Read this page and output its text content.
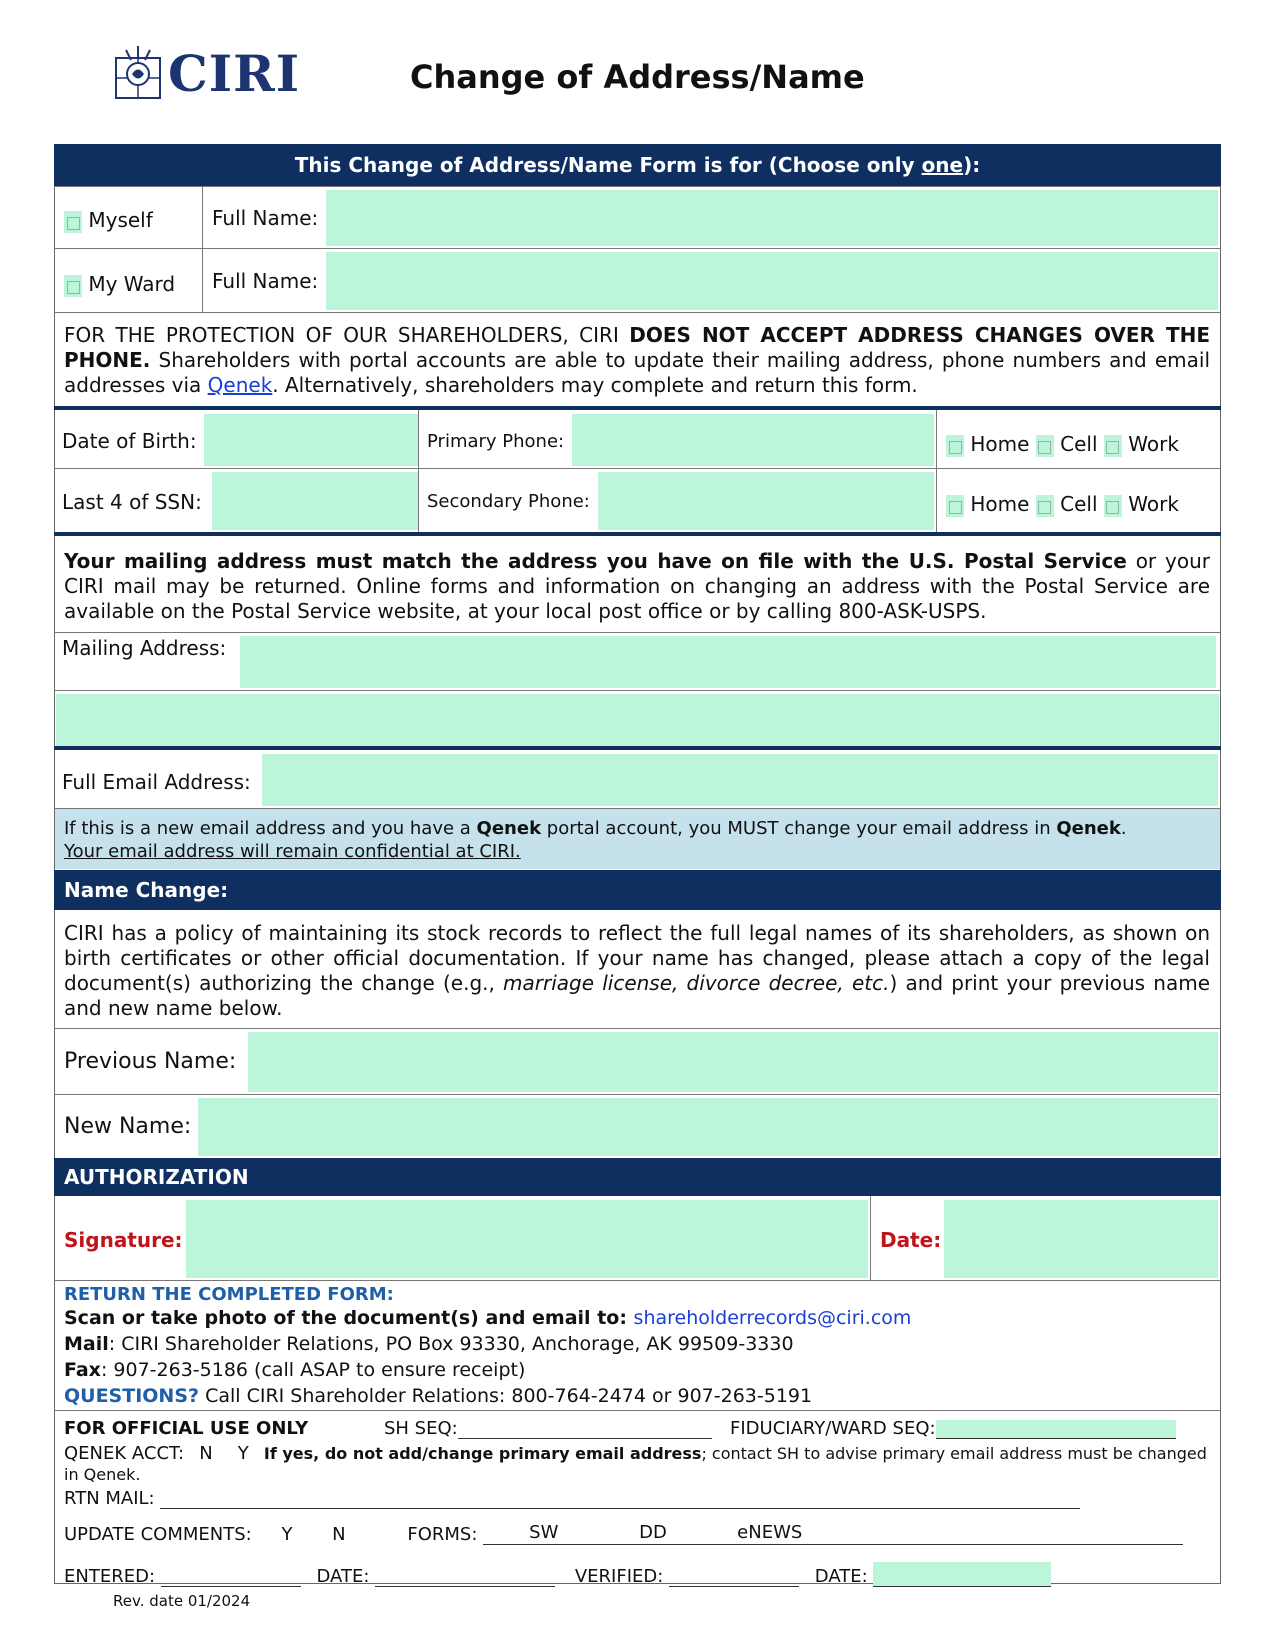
CIRI	Change of Address/Name
This Change of Address/Name Form is for (Choose only one):
Myself	Full Name:
My Ward Full Name:
FOR THE PROTECTION OF OUR SHAREHOLDERS, CIRI DOES NOT ACCEPT ADDRESS CHANGES OVER THE PHONE. Shareholders with portal accounts are able to update their mailing address, phone numbers and email addresses via Qenek. Alternatively, shareholders may complete and return this form.
Date of Birth:	Primary Phone:	Home Cell Work
Last 4 of SSN:	Secondary Phone:	Home Cell Work
Your mailing address must match the address you have on file with the U.S. Postal Service or your CIRI mail may be returned. Online forms and information on changing an address with the Postal Service are available on the Postal Service website, at your local post office or by calling 800-ASK-USPS.
Mailing Address:
Full Email Address:
If this is a new email address and you have a Qenek portal account, you MUST change your email address in Qenek.
Your email address will remain confidential at CIRI.
Name Change:
CIRI has a policy of maintaining its stock records to reflect the full legal names of its shareholders, as shown on birth certificates or other official documentation. If your name has changed, please attach a copy of the legal document(s) authorizing the change (e.g., marriage license, divorce decree, etc.) and print your previous name and new name below.
Previous Name:
New Name:
AUTHORIZATION
Signature:	Date:
RETURN THE COMPLETED FORM:
Scan or take photo of the document(s) and email to: shareholderrecords@ciri.com
Mail: CIRI Shareholder Relations, PO Box 93330, Anchorage, AK 99509-3330
Fax: 907-263-5186 (call ASAP to ensure receipt)
QUESTIONS? Call CIRI Shareholder Relations: 800-764-2474 or 907-263-5191
FOR OFFICIAL USE ONLY	SH SEQ:	FIDUCIARY/WARD SEQ:
QENEK ACCT: N Y If yes, do not add/change primary email address; contact SH to advise primary email address must be changed in Qenek.
RTN MAIL:
UPDATE COMMENTS: Y N	FORMS:	SW	DD	eNEWS
ENTERED:	DATE:	VERIFIED:	DATE:
Rev. date 01/2024
